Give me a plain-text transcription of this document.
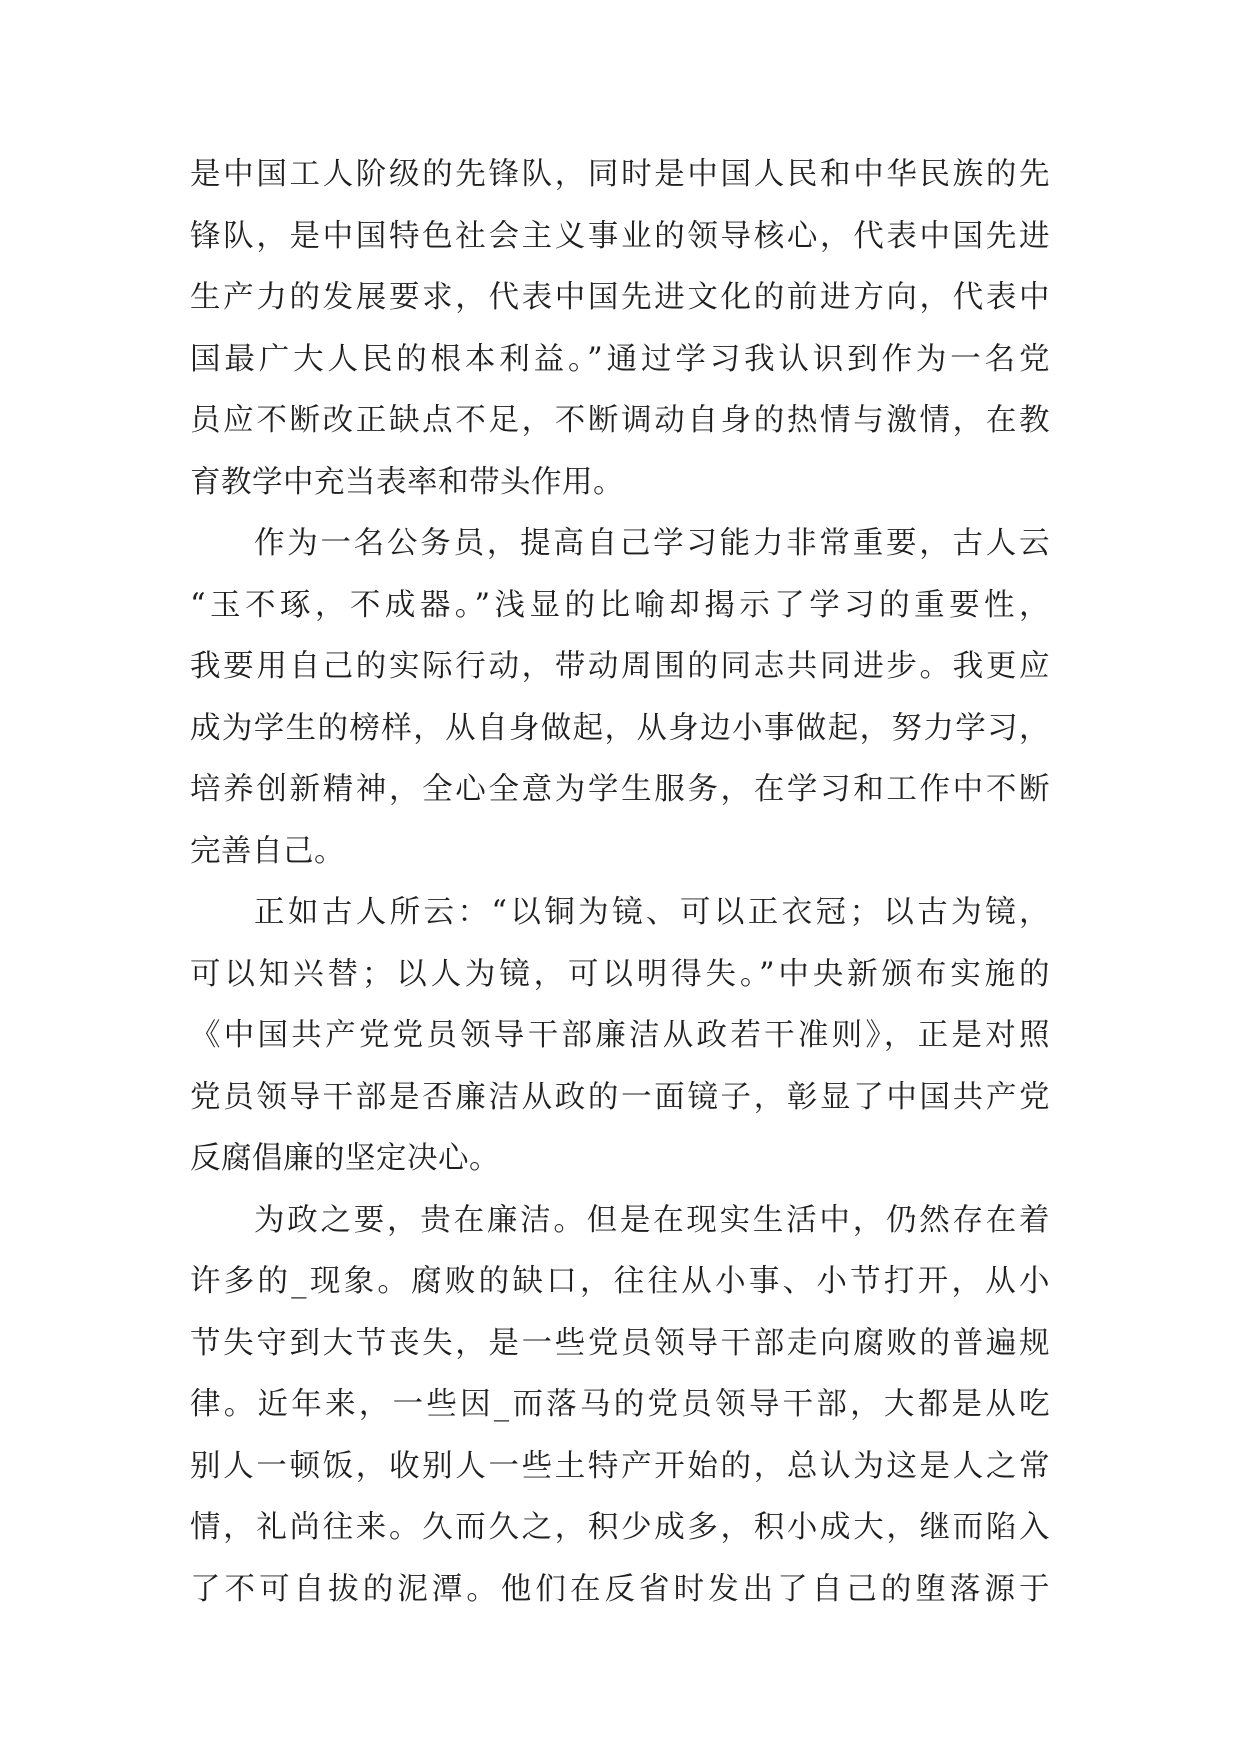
是中国工人阶级的先锋队，同时是中国人民和中华民族的先
锋队，是中国特色社会主义事业的领导核心，代表中国先进
生产力的发展要求，代表中国先进文化的前进方向，代表中
国最广大人民的根本利益。”通过学习我认识到作为一名党
员应不断改正缺点不足，不断调动自身的热情与激情，在教
育教学中充当表率和带头作用。
作为一名公务员，提高自己学习能力非常重要，古人云
“玉不琢，不成器。”浅显的比喻却揭示了学习的重要性，
我要用自己的实际行动，带动周围的同志共同进步。我更应
成为学生的榜样，从自身做起，从身边小事做起，努力学习，
培养创新精神，全心全意为学生服务，在学习和工作中不断
完善自己。
正如古人所云：“以铜为镜、可以正衣冠；以古为镜，
可以知兴替；以人为镜，可以明得失。”中央新颁布实施的
《中国共产党党员领导干部廉洁从政若干准则》，正是对照
党员领导干部是否廉洁从政的一面镜子，彰显了中国共产党
反腐倡廉的坚定决心。
为政之要，贵在廉洁。但是在现实生活中，仍然存在着
许多的_现象。腐败的缺口，往往从小事、小节打开，从小
节失守到大节丧失，是一些党员领导干部走向腐败的普遍规
律。近年来，一些因_而落马的党员领导干部，大都是从吃
别人一顿饭，收别人一些土特产开始的，总认为这是人之常
情，礼尚往来。久而久之，积少成多，积小成大，继而陷入
了不可自拔的泥潭。他们在反省时发出了自己的堕落源于
